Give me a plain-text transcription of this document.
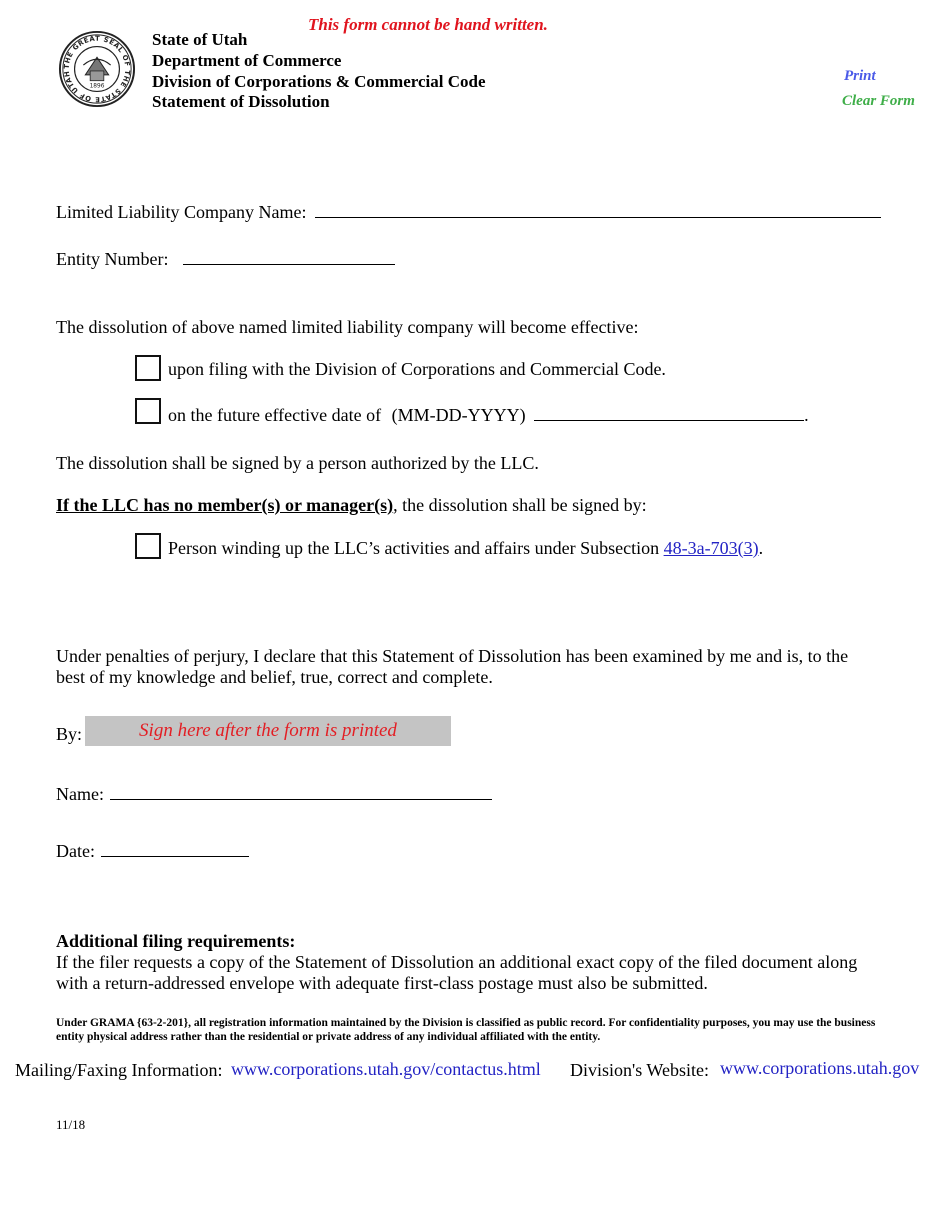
This form cannot be hand written.
THE GREAT SEAL OF THE STATE OF UTAH
1896
State of Utah
Department of Commerce
Division of Corporations & Commercial Code
Statement of Dissolution
Print
Clear Form
Limited Liability Company Name:
Entity Number:
The dissolution of above named limited liability company will become effective:
upon filing with the Division of Corporations and Commercial Code.
on the future effective date of (MM-DD-YYYY)	.
The dissolution shall be signed by a person authorized by the LLC.
If the LLC has no member(s) or manager(s), the dissolution shall be signed by:
Person winding up the LLC’s activities and affairs under Subsection 48-3a-703(3).
Under penalties of perjury, I declare that this Statement of Dissolution has been examined by me and is, to the
best of my knowledge and belief, true, correct and complete.
By:	Sign here after the form is printed
Name:
Date:
Additional filing requirements:
If the filer requests a copy of the Statement of Dissolution an additional exact copy of the filed document along
with a return-addressed envelope with adequate first-class postage must also be submitted.
Under GRAMA {63-2-201}, all registration information maintained by the Division is classified as public record. For confidentiality purposes, you may use the business entity physical address rather than the residential or private address of any individual affiliated with the entity.
Mailing/Faxing Information: www.corporations.utah.gov/contactus.html Division's Website: www.corporations.utah.gov
11/18
